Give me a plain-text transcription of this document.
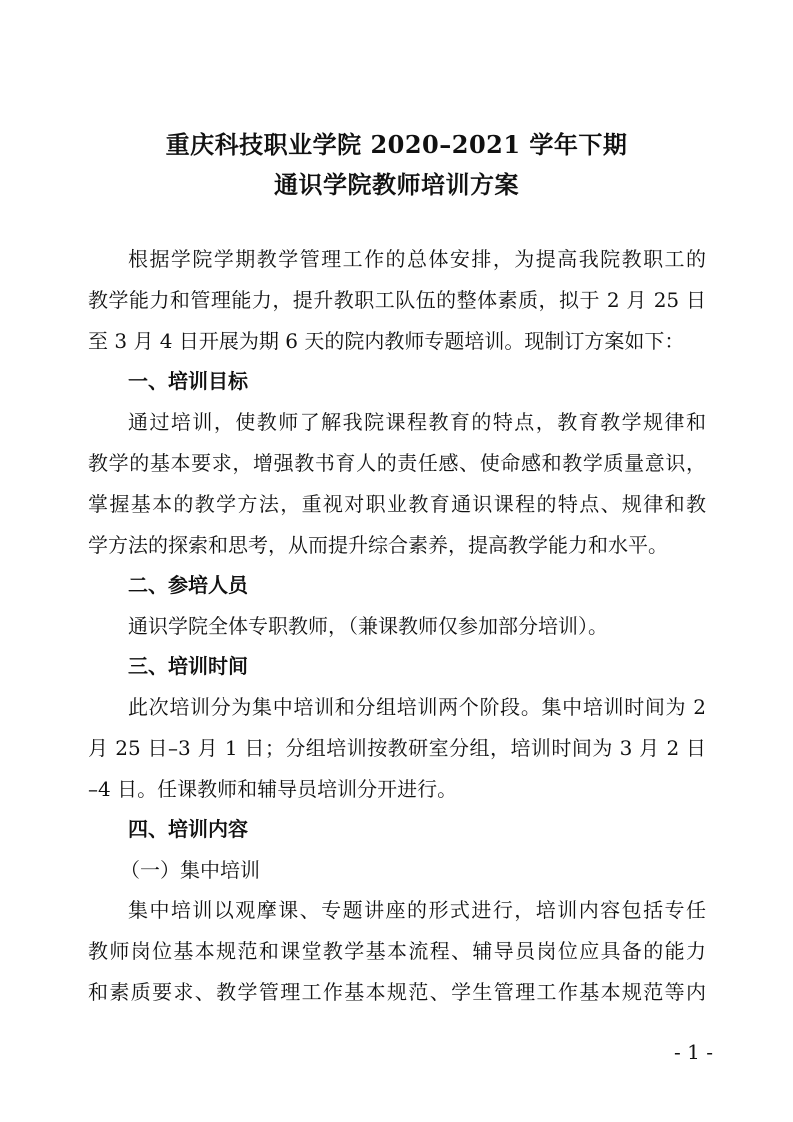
重庆科技职业学院 2020–2021 学年下期
通识学院教师培训方案
根据学院学期教学管理工作的总体安排，为提高我院教职工的
教学能力和管理能力，提升教职工队伍的整体素质，拟于 2 月 25 日
至 3 月 4 日开展为期 6 天的院内教师专题培训。现制订方案如下：
一、培训目标
通过培训，使教师了解我院课程教育的特点，教育教学规律和
教学的基本要求，增强教书育人的责任感、使命感和教学质量意识，
掌握基本的教学方法，重视对职业教育通识课程的特点、规律和教
学方法的探索和思考，从而提升综合素养，提高教学能力和水平。
二、参培人员
通识学院全体专职教师，（兼课教师仅参加部分培训）。
三、培训时间
此次培训分为集中培训和分组培训两个阶段。集中培训时间为 2
月 25 日–3 月 1 日；分组培训按教研室分组，培训时间为 3 月 2 日
–4 日。任课教师和辅导员培训分开进行。
四、培训内容
（一）集中培训
集中培训以观摩课、专题讲座的形式进行，培训内容包括专任
教师岗位基本规范和课堂教学基本流程、辅导员岗位应具备的能力
和素质要求、教学管理工作基本规范、学生管理工作基本规范等内
- 1 -
